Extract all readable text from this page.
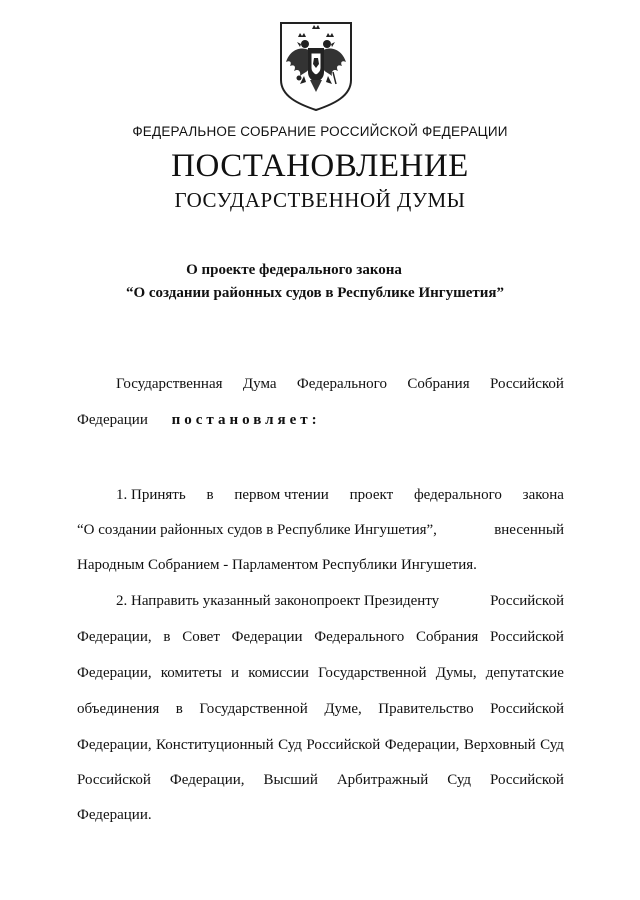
ФЕДЕРАЛЬНОЕ СОБРАНИЕ РОССИЙСКОЙ ФЕДЕРАЦИИ
ПОСТАНОВЛЕНИЕ
ГОСУДАРСТВЕННОЙ ДУМЫ
О проекте федерального закона
“О создании районных судов в Республике Ингушетия”
Государственная Дума Федерального Собрания Российской
Федерации постановляет:
1. Принять в первом чтении проект федерального закона
“О создании районных судов в Республике Ингушетия”,	внесенный
Народным Собранием - Парламентом Республики Ингушетия.
2. Направить указанный законопроект Президенту	Российской
Федерации, в Совет Федерации Федерального Собрания Российской
Федерации, комитеты и комиссии Государственной Думы, депутатские
объединения в Государственной Думе, Правительство Российской
Федерации, Конституционный Суд Российской Федерации, Верховный Суд
Российской Федерации, Высший Арбитражный Суд Российской
Федерации.
